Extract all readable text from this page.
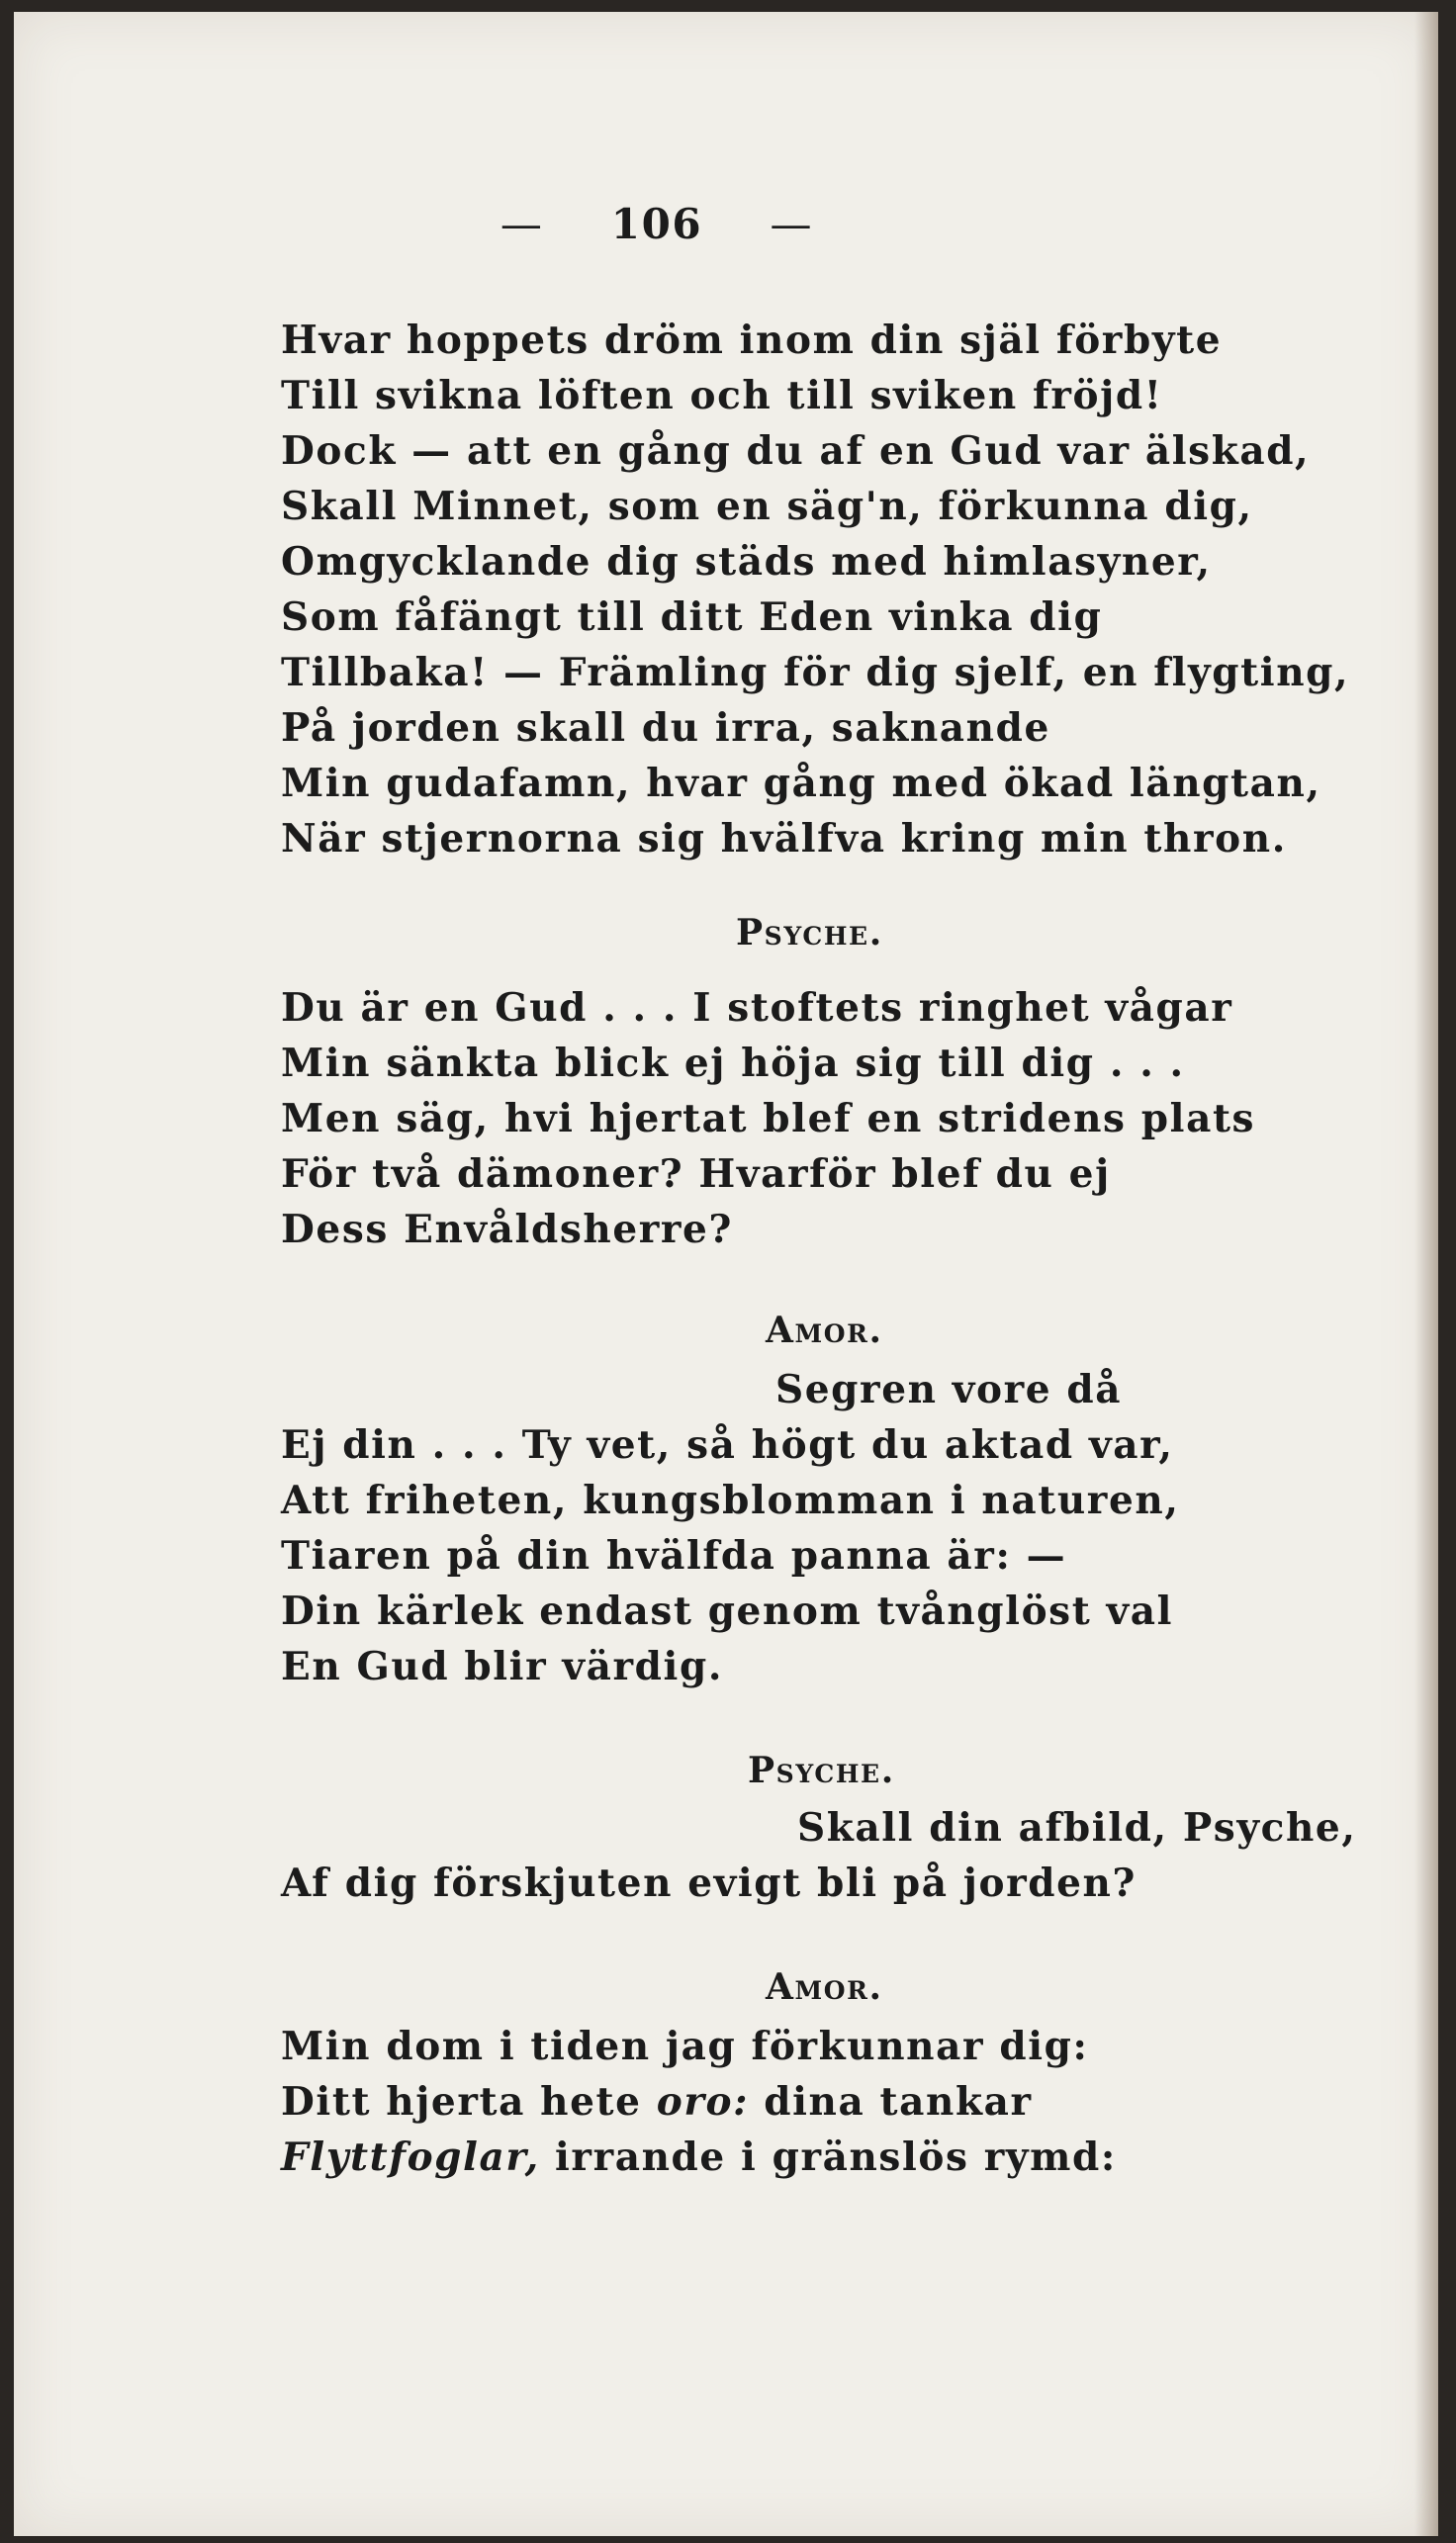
— 106 —
Hvar hoppets dröm inom din själ förbyte
Till svikna löften och till sviken fröjd!
Dock — att en gång du af en Gud var älskad,
Skall Minnet, som en säg'n, förkunna dig,
Omgycklande dig städs med himlasyner,
Som fåfängt till ditt Eden vinka dig
Tillbaka! — Främling för dig sjelf, en flygting,
På jorden skall du irra, saknande
Min gudafamn, hvar gång med ökad längtan,
När stjernorna sig hvälfva kring min thron.
Psyche.
Du är en Gud . . . I stoftets ringhet vågar
Min sänkta blick ej höja sig till dig . . .
Men säg, hvi hjertat blef en stridens plats
För två dämoner? Hvarför blef du ej
Dess Envåldsherre?
Amor.
Segren vore då
Ej din . . . Ty vet, så högt du aktad var,
Att friheten, kungsblomman i naturen,
Tiaren på din hvälfda panna är: —
Din kärlek endast genom tvånglöst val
En Gud blir värdig.
Psyche.
Skall din afbild, Psyche,
Af dig förskjuten evigt bli på jorden?
Amor.
Min dom i tiden jag förkunnar dig:
Ditt hjerta hete oro: dina tankar
Flyttfoglar, irrande i gränslös rymd:
